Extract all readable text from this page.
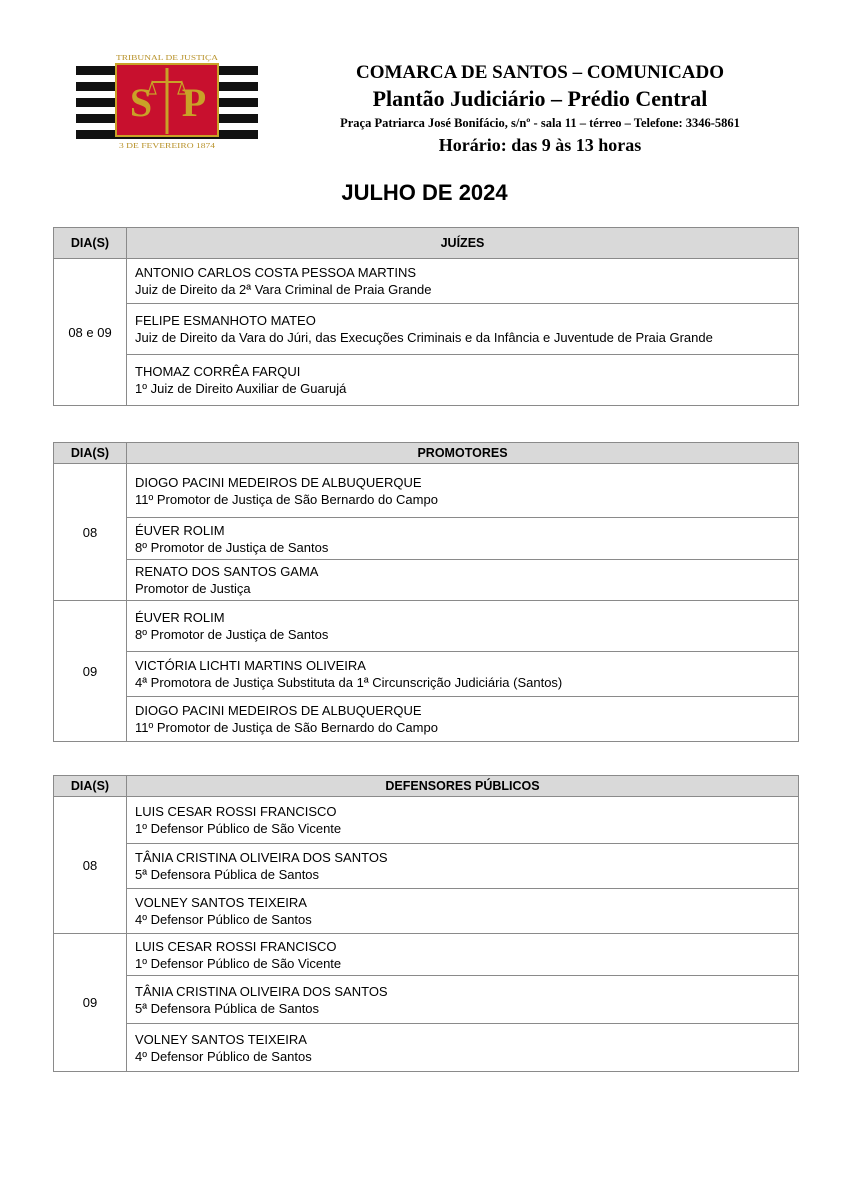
TRIBUNAL DE JUSTIÇA
S P
3 DE FEVEREIRO 1874
COMARCA DE SANTOS – COMUNICADO
Plantão Judiciário – Prédio Central
Praça Patriarca José Bonifácio, s/nº - sala 11 – térreo – Telefone: 3346-5861
Horário: das 9 às 13 horas
JULHO DE 2024
DIA(S)	JUÍZES
08 e 09	ANTONIO CARLOS COSTA PESSOA MARTINS
Juiz de Direito da 2ª Vara Criminal de Praia Grande

	FELIPE ESMANHOTO MATEO
Juiz de Direito da Vara do Júri, das Execuções Criminais e da Infância e Juventude de Praia Grande

	THOMAZ CORRÊA FARQUI
1º Juiz de Direito Auxiliar de Guarujá
DIA(S)	PROMOTORES
08	DIOGO PACINI MEDEIROS DE ALBUQUERQUE
11º Promotor de Justiça de São Bernardo do Campo

	ÉUVER ROLIM
8º Promotor de Justiça de Santos

	RENATO DOS SANTOS GAMA
Promotor de Justiça

09	ÉUVER ROLIM
8º Promotor de Justiça de Santos

	VICTÓRIA LICHTI MARTINS OLIVEIRA
4ª Promotora de Justiça Substituta da 1ª Circunscrição Judiciária (Santos)

	DIOGO PACINI MEDEIROS DE ALBUQUERQUE
11º Promotor de Justiça de São Bernardo do Campo
DIA(S)	DEFENSORES PÚBLICOS
08	LUIS CESAR ROSSI FRANCISCO
1º Defensor Público de São Vicente

	TÂNIA CRISTINA OLIVEIRA DOS SANTOS
5ª Defensora Pública de Santos

	VOLNEY SANTOS TEIXEIRA
4º Defensor Público de Santos

09	LUIS CESAR ROSSI FRANCISCO
1º Defensor Público de São Vicente

	TÂNIA CRISTINA OLIVEIRA DOS SANTOS
5ª Defensora Pública de Santos

	VOLNEY SANTOS TEIXEIRA
4º Defensor Público de Santos
